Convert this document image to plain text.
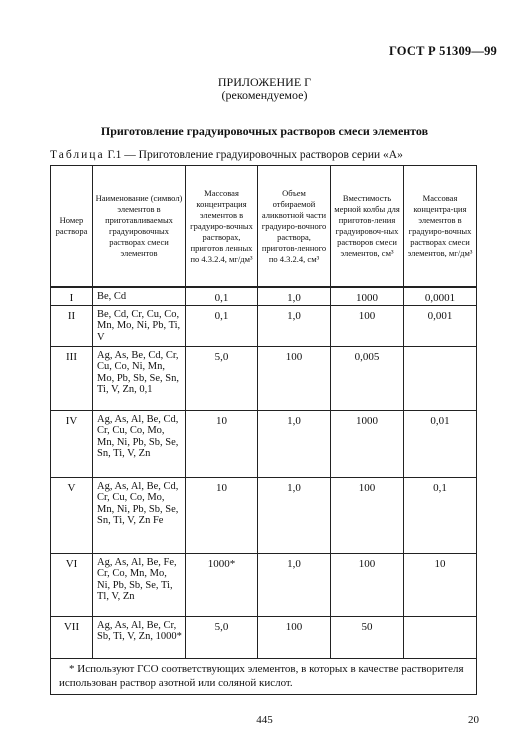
ГОСТ Р 51309—99
ПРИЛОЖЕНИЕ Г
(рекомендуемое)
Приготовление градуировочных растворов смеси элементов
Таблица Г.1 — Приготовление градуировочных растворов серии «А»
Номер раствора	Наименование (символ) элементов в приготавливаемых градуировочных растворах смеси элементов	Массовая концентрация элементов в градуиро-вочных растворах, приготов ленных по 4.3.2.4, мг/дм³	Объем отбираемой аликвотной части градуиро-вочного раствора, приготов-ленного по 4.3.2.4, см³	Вместимость мерной колбы для приготов-ления градуировоч-ных растворов смеси элементов, см³	Массовая концентра-ция элементов в градуиро-вочных растворах смеси элементов, мг/дм³

I	Be, Cd	0,1	1,0	1000	0,0001
II	Be, Cd, Cr, Cu, Co, Mn, Mo, Ni, Pb, Ti, V	0,1	1,0	100	0,001
III	Ag, As, Be, Cd, Cr, Cu, Co, Ni, Mn, Mo, Pb, Sb, Se, Sn, Ti, V, Zn, 0,1	5,0	100	0,005	
IV	Ag, As, Al, Be, Cd, Cr, Cu, Co, Mo, Mn, Ni, Pb, Sb, Se, Sn, Ti, V, Zn	10	1,0	1000	0,01
V	Ag, As, Al, Be, Cd, Cr, Cu, Co, Mo, Mn, Ni, Pb, Sb, Se, Sn, Ti, V, Zn Fe	10	1,0	100	0,1
VI	Ag, As, Al, Be, Fe, Cr, Co, Mn, Mo, Ni, Pb, Sb, Se, Ti, Tl, V, Zn	1000*	1,0	100	10
VII	Ag, As, Al, Be, Cr, Sb, Ti, V, Zn, 1000*	5,0	100	50	
* Используют ГСО соответствующих элементов, в которых в качестве растворителя использован раствор азотной или соляной кислот.					
445	20
